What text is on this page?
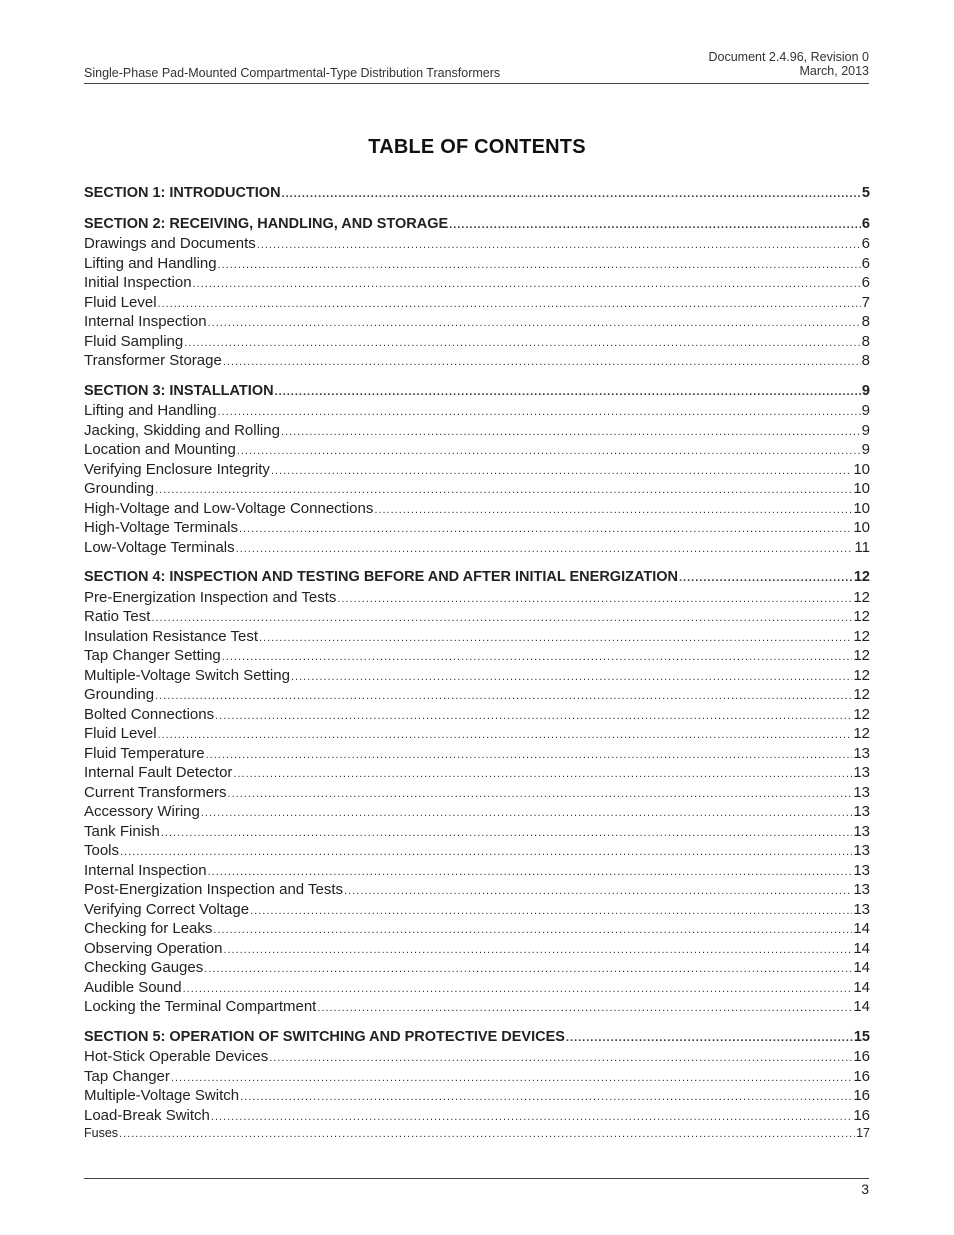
Single-Phase Pad-Mounted Compartmental-Type Distribution Transformers
Document 2.4.96, Revision 0
March, 2013
TABLE OF CONTENTS
SECTION 1: INTRODUCTION .....	5
SECTION 2: RECEIVING, HANDLING, AND STORAGE .....	6
Drawings and Documents .....	6
Lifting and Handling .....	6
Initial Inspection .....	6
Fluid Level .....	7
Internal Inspection .....	8
Fluid Sampling .....	8
Transformer Storage .....	8
SECTION 3: INSTALLATION .....	9
Lifting and Handling .....	9
Jacking, Skidding and Rolling .....	9
Location and Mounting .....	9
Verifying Enclosure Integrity .....	10
Grounding .....	10
High-Voltage and Low-Voltage Connections .....	10
High-Voltage Terminals .....	10
Low-Voltage Terminals .....	11
SECTION 4: INSPECTION AND TESTING BEFORE AND AFTER INITIAL ENERGIZATION .....	12
Pre-Energization Inspection and Tests .....	12
Ratio Test .....	12
Insulation Resistance Test .....	12
Tap Changer Setting .....	12
Multiple-Voltage Switch Setting .....	12
Grounding .....	12
Bolted Connections .....	12
Fluid Level .....	12
Fluid Temperature .....	13
Internal Fault Detector .....	13
Current Transformers .....	13
Accessory Wiring .....	13
Tank Finish .....	13
Tools .....	13
Internal Inspection .....	13
Post-Energization Inspection and Tests .....	13
Verifying Correct Voltage .....	13
Checking for Leaks .....	14
Observing Operation .....	14
Checking Gauges .....	14
Audible Sound .....	14
Locking the Terminal Compartment .....	14
SECTION 5: OPERATION OF SWITCHING AND PROTECTIVE DEVICES .....	15
Hot-Stick Operable Devices .....	16
Tap Changer .....	16
Multiple-Voltage Switch .....	16
Load-Break Switch .....	16
Fuses .....	17
3
